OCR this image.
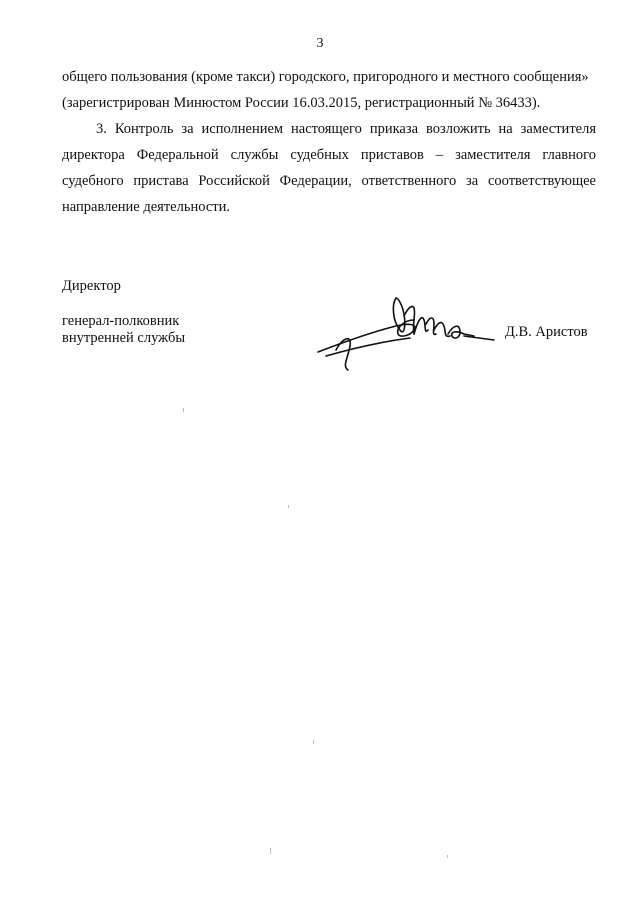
3
общего пользования (кроме такси) городского, пригородного и местного сообщения»
(зарегистрирован Минюстом России 16.03.2015, регистрационный № 36433).
3. Контроль за исполнением настоящего приказа возложить на заместителя
директора Федеральной службы судебных приставов – заместителя главного
судебного пристава Российской Федерации, ответственного за соответствующее
направление деятельности.
Директор
генерал-полковник
внутренней службы	Д.В. Аристов
